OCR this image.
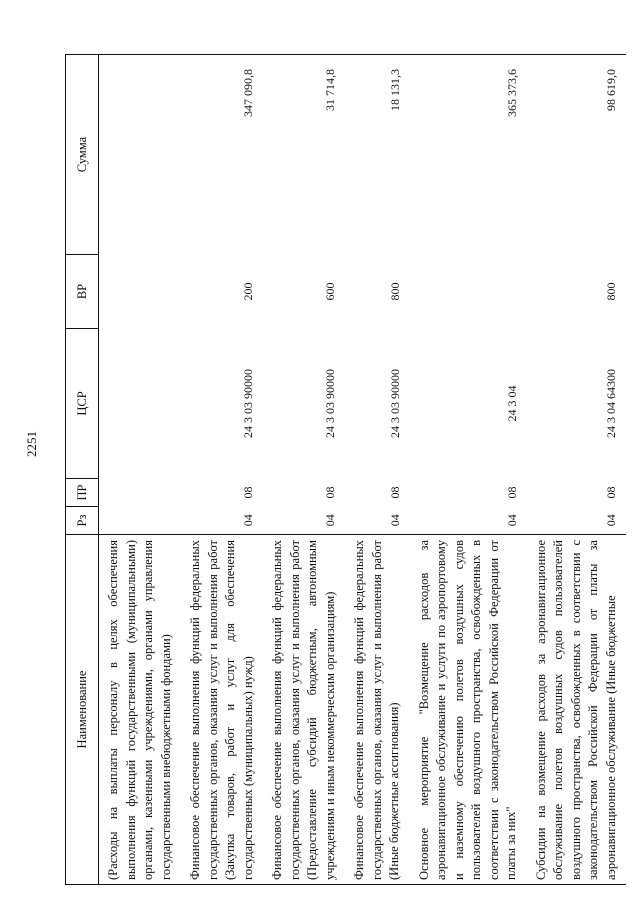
2251
Наименование	Рз	ПР	ЦСР	ВР	Сумма
(Расходы на выплаты персоналу в целях обеспечения выполнения функций государственными (муниципальными) органами, казенными учреждениями, органами управления государственными внебюджетными фондами)					
Финансовое обеспечение выполнения функций федеральных государственных органов, оказания услуг и выполнения работ (Закупка товаров, работ и услуг для обеспечения государственных (муниципальных) нужд)	04	08	24 3 03 90000	200	347 090,8
Финансовое обеспечение выполнения функций федеральных государственных органов, оказания услуг и выполнения работ (Предоставление субсидий бюджетным, автономным учреждениям и иным некоммерческим организациям)	04	08	24 3 03 90000	600	31 714,8
Финансовое обеспечение выполнения функций федеральных государственных органов, оказания услуг и выполнения работ (Иные бюджетные ассигнования)	04	08	24 3 03 90000	800	18 131,3
Основное мероприятие "Возмещение расходов за аэронавигационное обслуживание и услуги по аэропортовому и наземному обеспечению полетов воздушных судов пользователей воздушного пространства, освобожденных в соответствии с законодательством Российской Федерации от платы за них"	04	08	24 3 04		365 373,6
Субсидии на возмещение расходов за аэронавигационное обслуживание полетов воздушных судов пользователей воздушного пространства, освобожденных в соответствии с законодательством Российской Федерации от платы за аэронавигационное обслуживание (Иные бюджетные	04	08	24 3 04 64300	800	98 619,0
